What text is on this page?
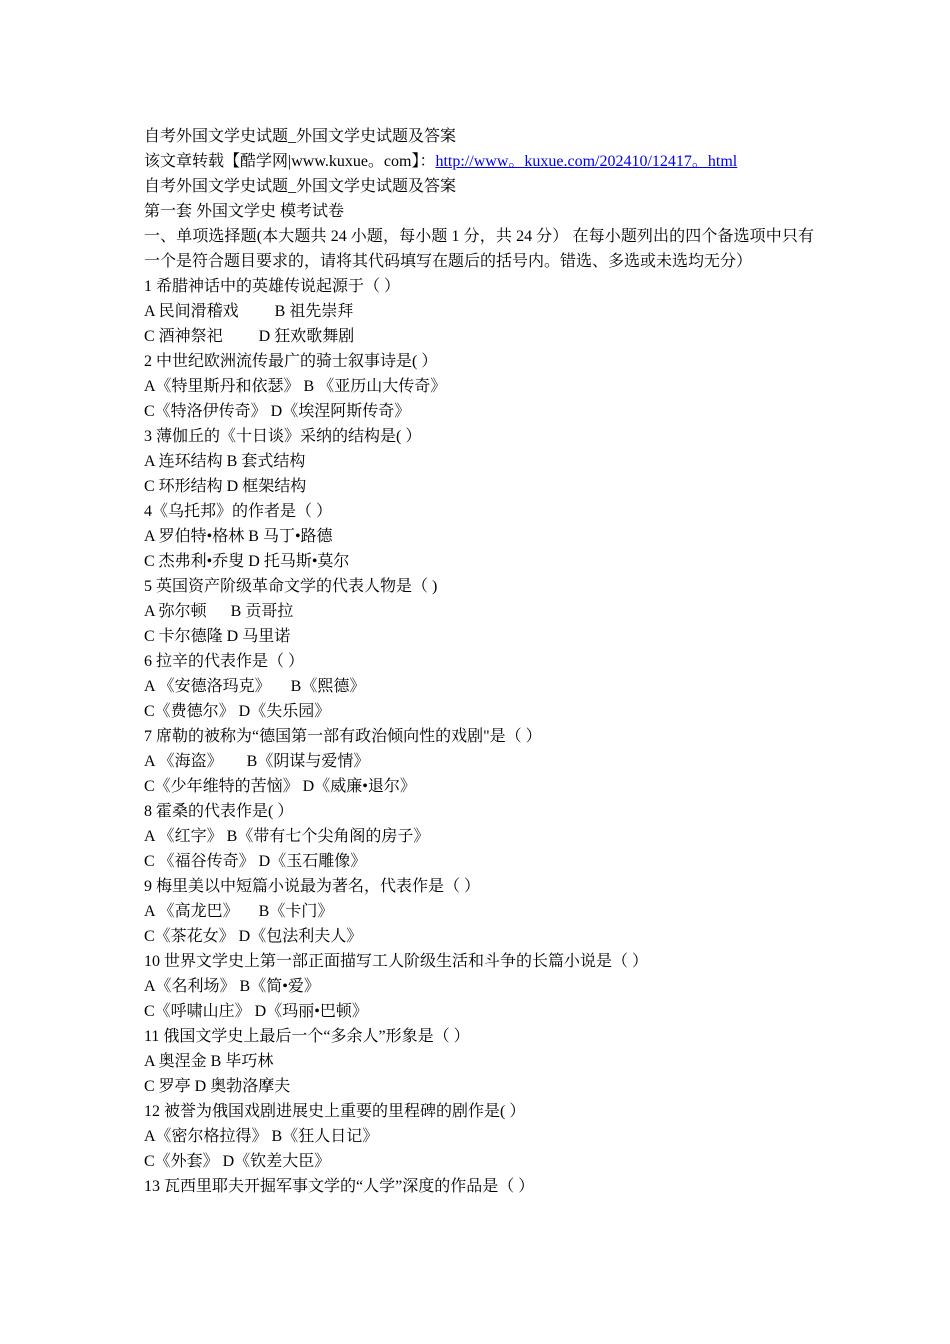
自考外国文学史试题_外国文学史试题及答案
该文章转载【酷学网|www.kuxue。com】：http://www。kuxue.com/202410/12417。html
自考外国文学史试题_外国文学史试题及答案
第一套 外国文学史 模考试卷
一、单项选择题(本大题共 24 小题，每小题 1 分，共 24 分） 在每小题列出的四个备选项中只有一个是符合题目要求的，请将其代码填写在题后的括号内。错选、多选或未选均无分）
1 希腊神话中的英雄传说起源于（ ）
A 民间滑稽戏         B 祖先崇拜
C 酒神祭祀         D 狂欢歌舞剧
2 中世纪欧洲流传最广的骑士叙事诗是( ）
A《特里斯丹和依瑟》 B 《亚历山大传奇》
C《特洛伊传奇》 D《埃涅阿斯传奇》
3 薄伽丘的《十日谈》采纳的结构是( ）
A 连环结构 B 套式结构
C 环形结构 D 框架结构
4《乌托邦》的作者是（ ）
A 罗伯特•格林 B 马丁•路德
C 杰弗利•乔叟 D 托马斯•莫尔
5 英国资产阶级革命文学的代表人物是（ )
A 弥尔顿      B 贡哥拉
C 卡尔德隆 D 马里诺
6 拉辛的代表作是（ ）
A 《安德洛玛克》     B《熙德》
C《费德尔》 D《失乐园》
7 席勒的被称为“德国第一部有政治倾向性的戏剧"是（ ）
A 《海盗》      B《阴谋与爱情》
C《少年维特的苦恼》 D《威廉•退尔》
8 霍桑的代表作是( ）
A 《红字》 B《带有七个尖角阁的房子》
C 《福谷传奇》 D《玉石雕像》
9 梅里美以中短篇小说最为著名，代表作是（ ）
A 《高龙巴》     B《卡门》
C《茶花女》 D《包法利夫人》
10 世界文学史上第一部正面描写工人阶级生活和斗争的长篇小说是（ ）
A《名利场》 B《简•爱》
C《呼啸山庄》 D《玛丽•巴顿》
11 俄国文学史上最后一个“多余人”形象是（ ）
A 奥涅金 B 毕巧林
C 罗亭 D 奥勃洛摩夫
12 被誉为俄国戏剧进展史上重要的里程碑的剧作是( ）
A《密尔格拉得》 B《狂人日记》
C《外套》 D《钦差大臣》
13 瓦西里耶夫开掘军事文学的“人学”深度的作品是（ ）
